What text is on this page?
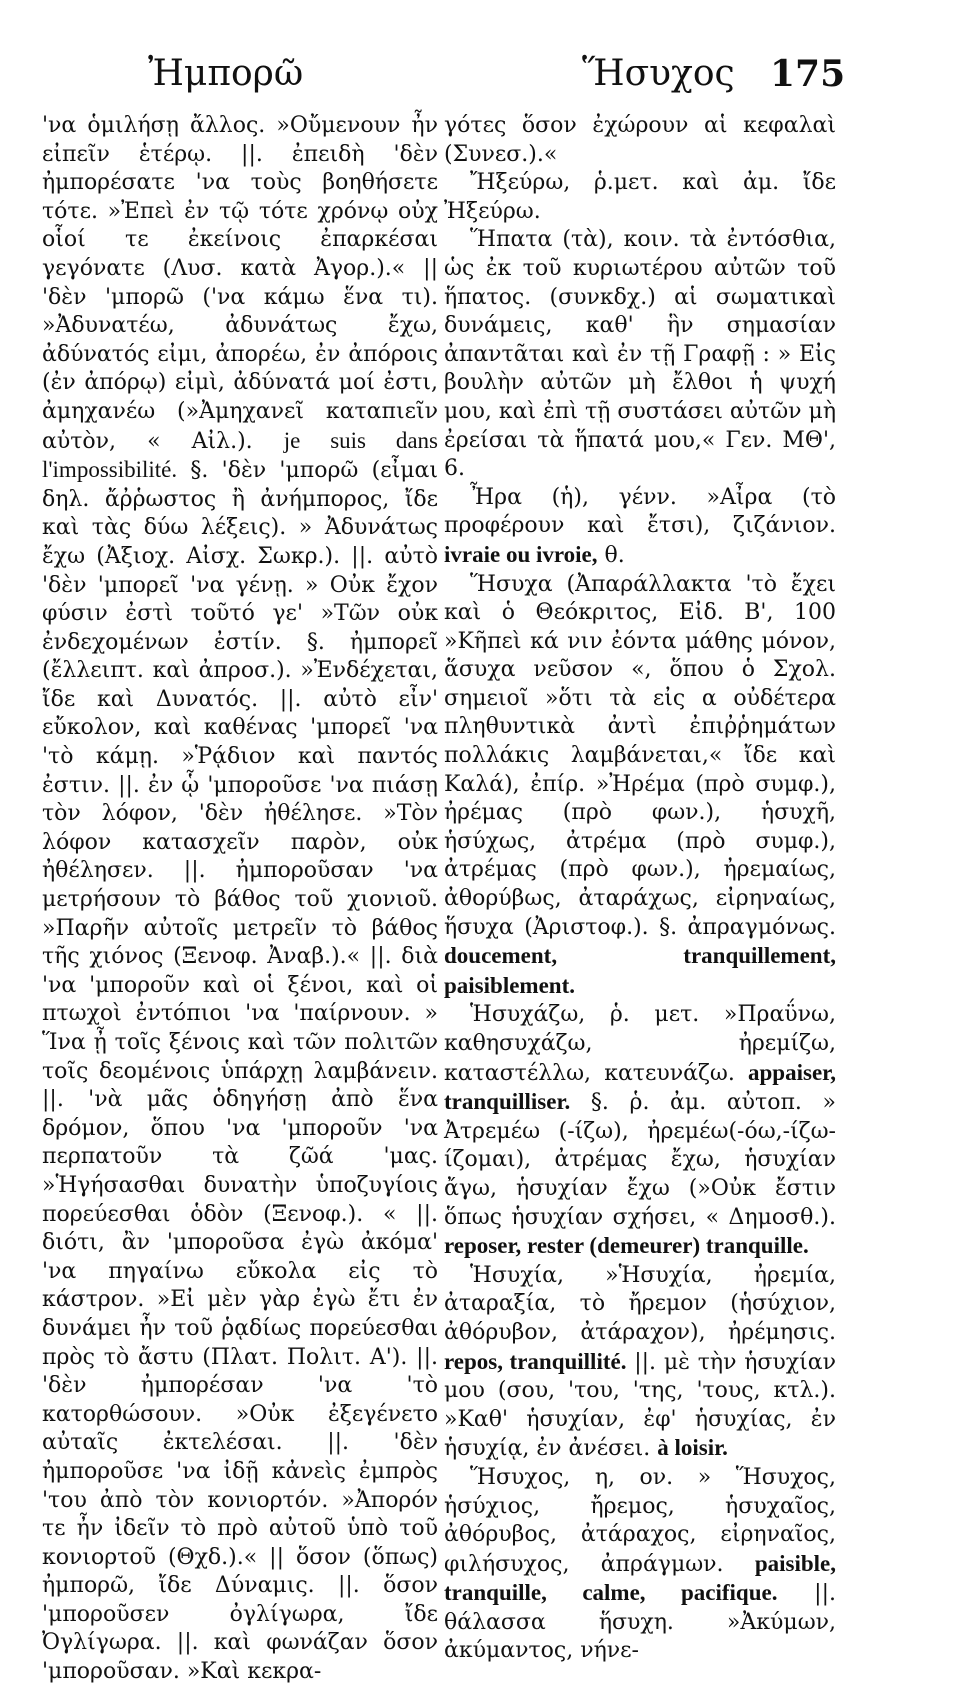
Ἠμπορῶ	Ἥσυχος 175

'να ὁμιλήσῃ ἄλλος. »Οὔμενουν ἦν εἰπεῖν ἑτέρῳ. ||. ἐπειδὴ 'δὲν ἠμπορέσατε 'να τοὺς βοηθήσετε τότε. »Ἐπεὶ ἐν τῷ τότε χρόνῳ οὐχ οἷοί τε ἐκείνοις ἐπαρκέσαι γεγόνατε (Λυσ. κατὰ Ἀγορ.).« || 'δὲν 'μπορῶ ('να κάμω ἕνα τι). »Ἀδυνατέω, ἀδυνάτως ἔχω, ἀδύνατός εἰμι, ἀπορέω, ἐν ἀπόροις (ἐν ἀπόρῳ) εἰμὶ, ἀδύνατά μοί ἐστι, ἀμηχανέω (»Ἀμηχανεῖ καταπιεῖν αὐτὸν, « Αἰλ.). je suis dans l'impossibilité. §. 'δὲν 'μπορῶ (εἶμαι δηλ. ἄῤῥωστος ἢ ἀνήμπορος, ἴδε καὶ τὰς δύω λέξεις). » Ἀδυνάτως ἔχω (Ἀξιοχ. Αἰσχ. Σωκρ.). ||. αὐτὸ 'δὲν 'μπορεῖ 'να γένῃ. » Οὐκ ἔχον φύσιν ἐστὶ τοῦτό γε' »Τῶν οὐκ ἐνδεχομένων ἐστίν. §. ἠμπορεῖ (ἔλλειπτ. καὶ ἀπροσ.). »Ἐνδέχεται, ἴδε καὶ Δυνατός. ||. αὐτὸ εἶν' εὔκολον, καὶ καθένας 'μπορεῖ 'να 'τὸ κάμῃ. »Ῥᾴδιον καὶ παντός ἐστιν. ||. ἐν ᾧ 'μποροῦσε 'να πιάσῃ τὸν λόφον, 'δὲν ἠθέλησε. »Τὸν λόφον κατασχεῖν παρὸν, οὐκ ἠθέλησεν. ||. ἠμποροῦσαν 'να μετρήσουν τὸ βάθος τοῦ χιονιοῦ. »Παρῆν αὐτοῖς μετρεῖν τὸ βάθος τῆς χιόνος (Ξενοφ. Ἀναβ.).« ||. διὰ 'να 'μποροῦν καὶ οἱ ξένοι, καὶ οἱ πτωχοὶ ἐντόπιοι 'να 'παίρνουν. » Ἵνα ᾖ τοῖς ξένοις καὶ τῶν πολιτῶν τοῖς δεομένοις ὑπάρχῃ λαμβάνειν. ||. 'νὰ μᾶς ὁδηγήσῃ ἀπὸ ἕνα δρόμον, ὅπου 'να 'μποροῦν 'να περπατοῦν τὰ ζῶά 'μας. »Ἡγήσασθαι δυνατὴν ὑποζυγίοις πορεύεσθαι ὁδὸν (Ξενοφ.). « ||. διότι, ἂν 'μποροῦσα ἐγὼ ἀκόμα' 'να πηγαίνω εὔκολα εἰς τὸ κάστρον. »Εἰ μὲν γὰρ ἐγὼ ἔτι ἐν δυνάμει ἦν τοῦ ῥᾳδίως πορεύεσθαι πρὸς τὸ ἄστυ (Πλατ. Πολιτ. Α'). ||. 'δὲν ἠμπορέσαν 'να 'τὸ κατορθώσουν. »Οὐκ ἐξεγένετο αὐταῖς ἐκτελέσαι. ||. 'δὲν ἠμποροῦσε 'να ἰδῇ κἀνεὶς ἐμπρὸς 'του ἀπὸ τὸν κονιορτόν. »Ἀπορόν τε ἦν ἰδεῖν τὸ πρὸ αὐτοῦ ὑπὸ τοῦ κονιορτοῦ (Θχδ.).« || ὅσον (ὅπως) ἠμπορῶ, ἴδε Δύναμις. ||. ὅσον 'μποροῦσεν ὀγλίγωρα, ἴδε Ὀγλίγωρα. ||. καὶ φωνάζαν ὅσον 'μποροῦσαν. »Καὶ κεκρα-

γότες ὅσον ἐχώρουν αἱ κεφαλαὶ (Συνεσ.).«

Ἤξεύρω, ῥ.μετ. καὶ ἀμ. ἴδε Ἠξεύρω.

Ἥπατα (τὰ), κοιν. τὰ ἐντόσθια, ὡς ἐκ τοῦ κυριωτέρου αὐτῶν τοῦ ἥπατος. (συνκδχ.) αἱ σωματικαὶ δυνάμεις, καθ' ἣν σημασίαν ἀπαντᾶται καὶ ἐν τῇ Γραφῇ : » Εἰς βουλὴν αὐτῶν μὴ ἔλθοι ἡ ψυχή μου, καὶ ἐπὶ τῇ συστάσει αὐτῶν μὴ ἐρείσαι τὰ ἥπατά μου,« Γεν. ΜΘ', 6.

Ἦρα (ἡ), γένν. »Αἶρα (τὸ προφέρουν καὶ ἔτσι), ζιζάνιον. ivraie ou ivroie, θ.

Ἥσυχα (Ἀπαράλλακτα 'τὸ ἔχει καὶ ὁ Θεόκριτος, Εἰδ. Β', 100 »Κῆπεὶ κά νιν ἐόντα μάθης μόνον, ἅσυχα νεῦσον «, ὅπου ὁ Σχολ. σημειοῖ »ὅτι τὰ εἰς α οὐδέτερα πληθυντικὰ ἀντὶ ἐπιῤῥημάτων πολλάκις λαμβάνεται,« ἴδε καὶ Καλά), ἐπίρ. »Ἠρέμα (πρὸ συμφ.), ἠρέμας (πρὸ φων.), ἡσυχῆ, ἡσύχως, ἀτρέμα (πρὸ συμφ.), ἀτρέμας (πρὸ φων.), ἠρεμαίως, ἀθορύβως, ἀταράχως, εἰρηναίως, ἥσυχα (Ἀριστοφ.). §. ἀπραγμόνως. doucement, tranquillement, paisiblement.

Ἡσυχάζω, ῥ. μετ. »Πραΰνω, καθησυχάζω, ἠρεμίζω, καταστέλλω, κατευνάζω. appaiser, tranquilliser. §. ῥ. ἀμ. αὐτοπ. » Ἀτρεμέω (-ίζω), ἠρεμέω(-όω,-ίζω-ίζομαι), ἀτρέμας ἔχω, ἡσυχίαν ἄγω, ἡσυχίαν ἔχω (»Οὐκ ἔστιν ὅπως ἡσυχίαν σχήσει, « Δημοσθ.). reposer, rester (demeurer) tranquille.

Ἡσυχία, »Ἡσυχία, ἠρεμία, ἀταραξία, τὸ ἤρεμον (ἡσύχιον, ἀθόρυβον, ἀτάραχον), ἠρέμησις. repos, tranquillité. ||. μὲ τὴν ἡσυχίαν μου (σου, 'του, 'της, 'τους, κτλ.). »Καθ' ἡσυχίαν, ἐφ' ἡσυχίας, ἐν ἡσυχίᾳ, ἐν ἀνέσει. à loisir.

Ἥσυχος, η, ον. » Ἥσυχος, ἡσύχιος, ἤρεμος, ἡσυχαῖος, ἀθόρυβος, ἀτάραχος, εἰρηναῖος, φιλήσυχος, ἀπράγμων. paisible, tranquille, calme, pacifique. ||. θάλασσα ἥσυχη. »Ἀκύμων, ἀκύμαντος, νήνε-
